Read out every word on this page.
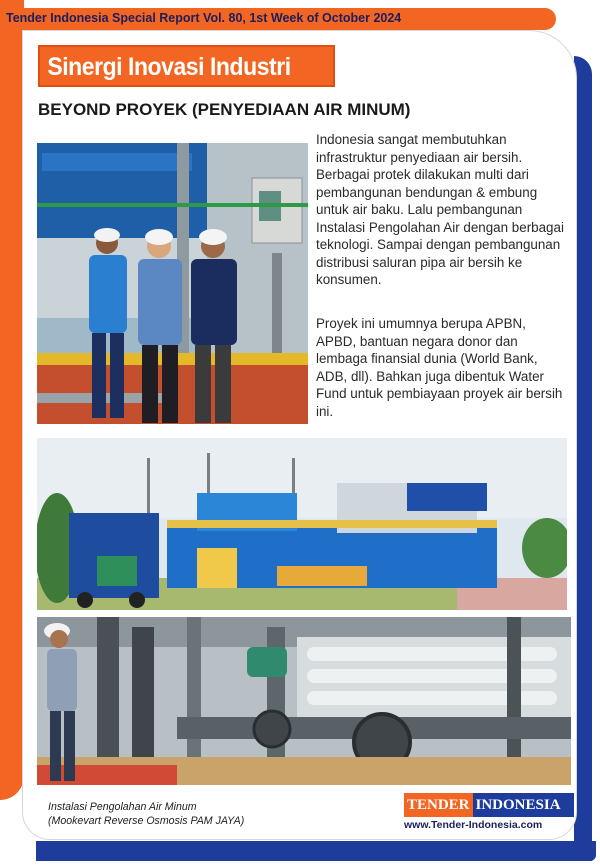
Tender Indonesia Special Report Vol. 80, 1st Week of October 2024
Sinergi Inovasi Industri
BEYOND PROYEK (PENYEDIAAN AIR MINUM)
Indonesia sangat membutuhkan infrastruktur penyediaan air bersih. Berbagai protek dilakukan multi dari pembangunan bendungan & embung untuk air baku. Lalu pembangunan Instalasi Pengolahan Air dengan berbagai teknologi. Sampai dengan pembangunan distribusi saluran pipa air bersih ke konsumen.
Proyek ini umumnya berupa APBN, APBD, bantuan negara donor dan lembaga finansial dunia (World Bank, ADB, dll). Bahkan juga dibentuk Water Fund untuk pembiayaan proyek air bersih ini.
Instalasi Pengolahan Air Minum
(Mookevart Reverse Osmosis PAM JAYA)
TENDER INDONESIA
www.Tender-Indonesia.com
